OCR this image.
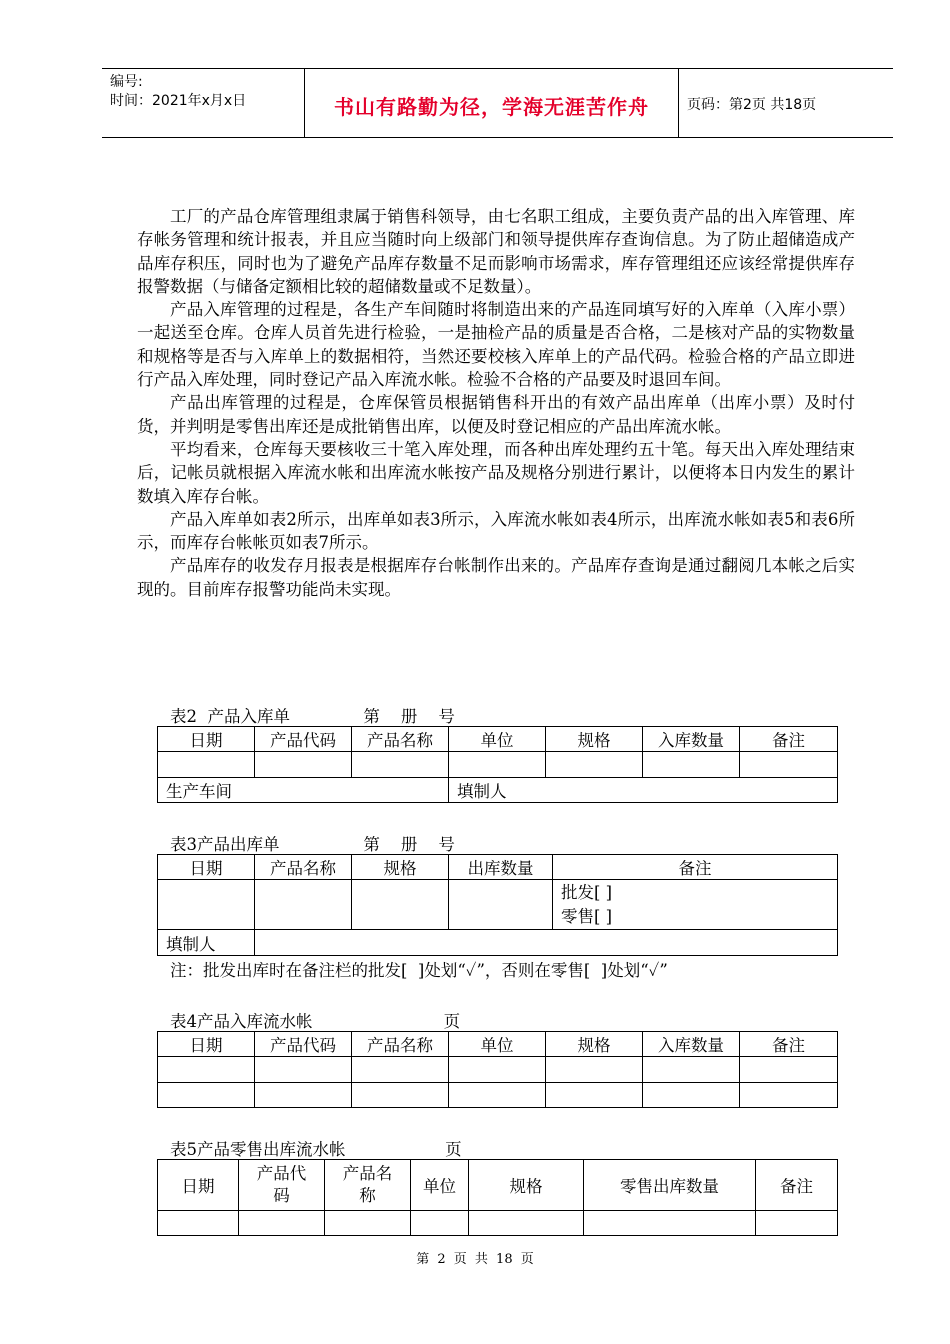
编号:
时间：2021年x月x日	书山有路勤为径，学海无涯苦作舟	页码：第2页 共18页

工厂的产品仓库管理组隶属于销售科领导，由七名职工组成，主要负责产品的出入库管理、库存帐务管理和统计报表，并且应当随时向上级部门和领导提供库存查询信息。为了防止超储造成产品库存积压，同时也为了避免产品库存数量不足而影响市场需求，库存管理组还应该经常提供库存报警数据（与储备定额相比较的超储数量或不足数量）。

产品入库管理的过程是，各生产车间随时将制造出来的产品连同填写好的入库单（入库小票）一起送至仓库。仓库人员首先进行检验，一是抽检产品的质量是否合格，二是核对产品的实物数量和规格等是否与入库单上的数据相符，当然还要校核入库单上的产品代码。检验合格的产品立即进行产品入库处理，同时登记产品入库流水帐。检验不合格的产品要及时退回车间。

产品出库管理的过程是，仓库保管员根据销售科开出的有效产品出库单（出库小票）及时付货，并判明是零售出库还是成批销售出库，以便及时登记相应的产品出库流水帐。

平均看来，仓库每天要核收三十笔入库处理，而各种出库处理约五十笔。每天出入库处理结束后，记帐员就根据入库流水帐和出库流水帐按产品及规格分别进行累计，以便将本日内发生的累计数填入库存台帐。

产品入库单如表2所示，出库单如表3所示，入库流水帐如表4所示，出库流水帐如表5和表6所示，而库存台帐帐页如表7所示。

产品库存的收发存月报表是根据库存台帐制作出来的。产品库存查询是通过翻阅几本帐之后实现的。目前库存报警功能尚未实现。

表2  产品入库单              第    册    号
日期	产品代码	产品名称	单位	规格	入库数量	备注

生产车间			填制人			
表3产品出库单                第    册    号
日期	产品名称	规格	出库数量	备注

				批发[ ]
零售[ ]

填制人				
注：批发出库时在备注栏的批发[  ]处划“✓”，否则在零售[  ]处划“✓”
表4产品入库流水帐                         页
日期	产品代码	产品名称	单位	规格	入库数量	备注

表5产品零售出库流水帐                   页
日期	产品代码	产品名称	单位	规格	零售出库数量	备注

第 2 页 共 18 页
